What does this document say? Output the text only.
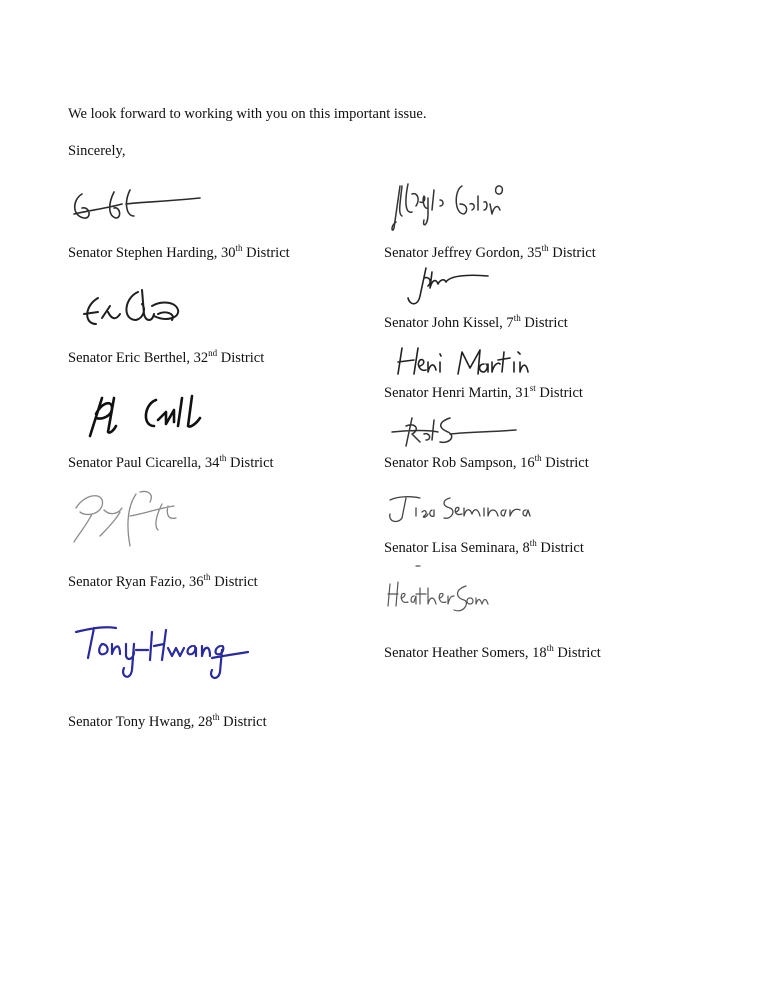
We look forward to working with you on this important issue.
Sincerely,
Senator Stephen Harding, 30th District
Senator Eric Berthel, 32nd District
Senator Paul Cicarella, 34th District
Senator Ryan Fazio, 36th District
Senator Tony Hwang, 28th District
Senator Jeffrey Gordon, 35th District
Senator John Kissel, 7th District
Senator Henri Martin, 31st District
Senator Rob Sampson, 16th District
Senator Lisa Seminara, 8th District
Senator Heather Somers, 18th District
